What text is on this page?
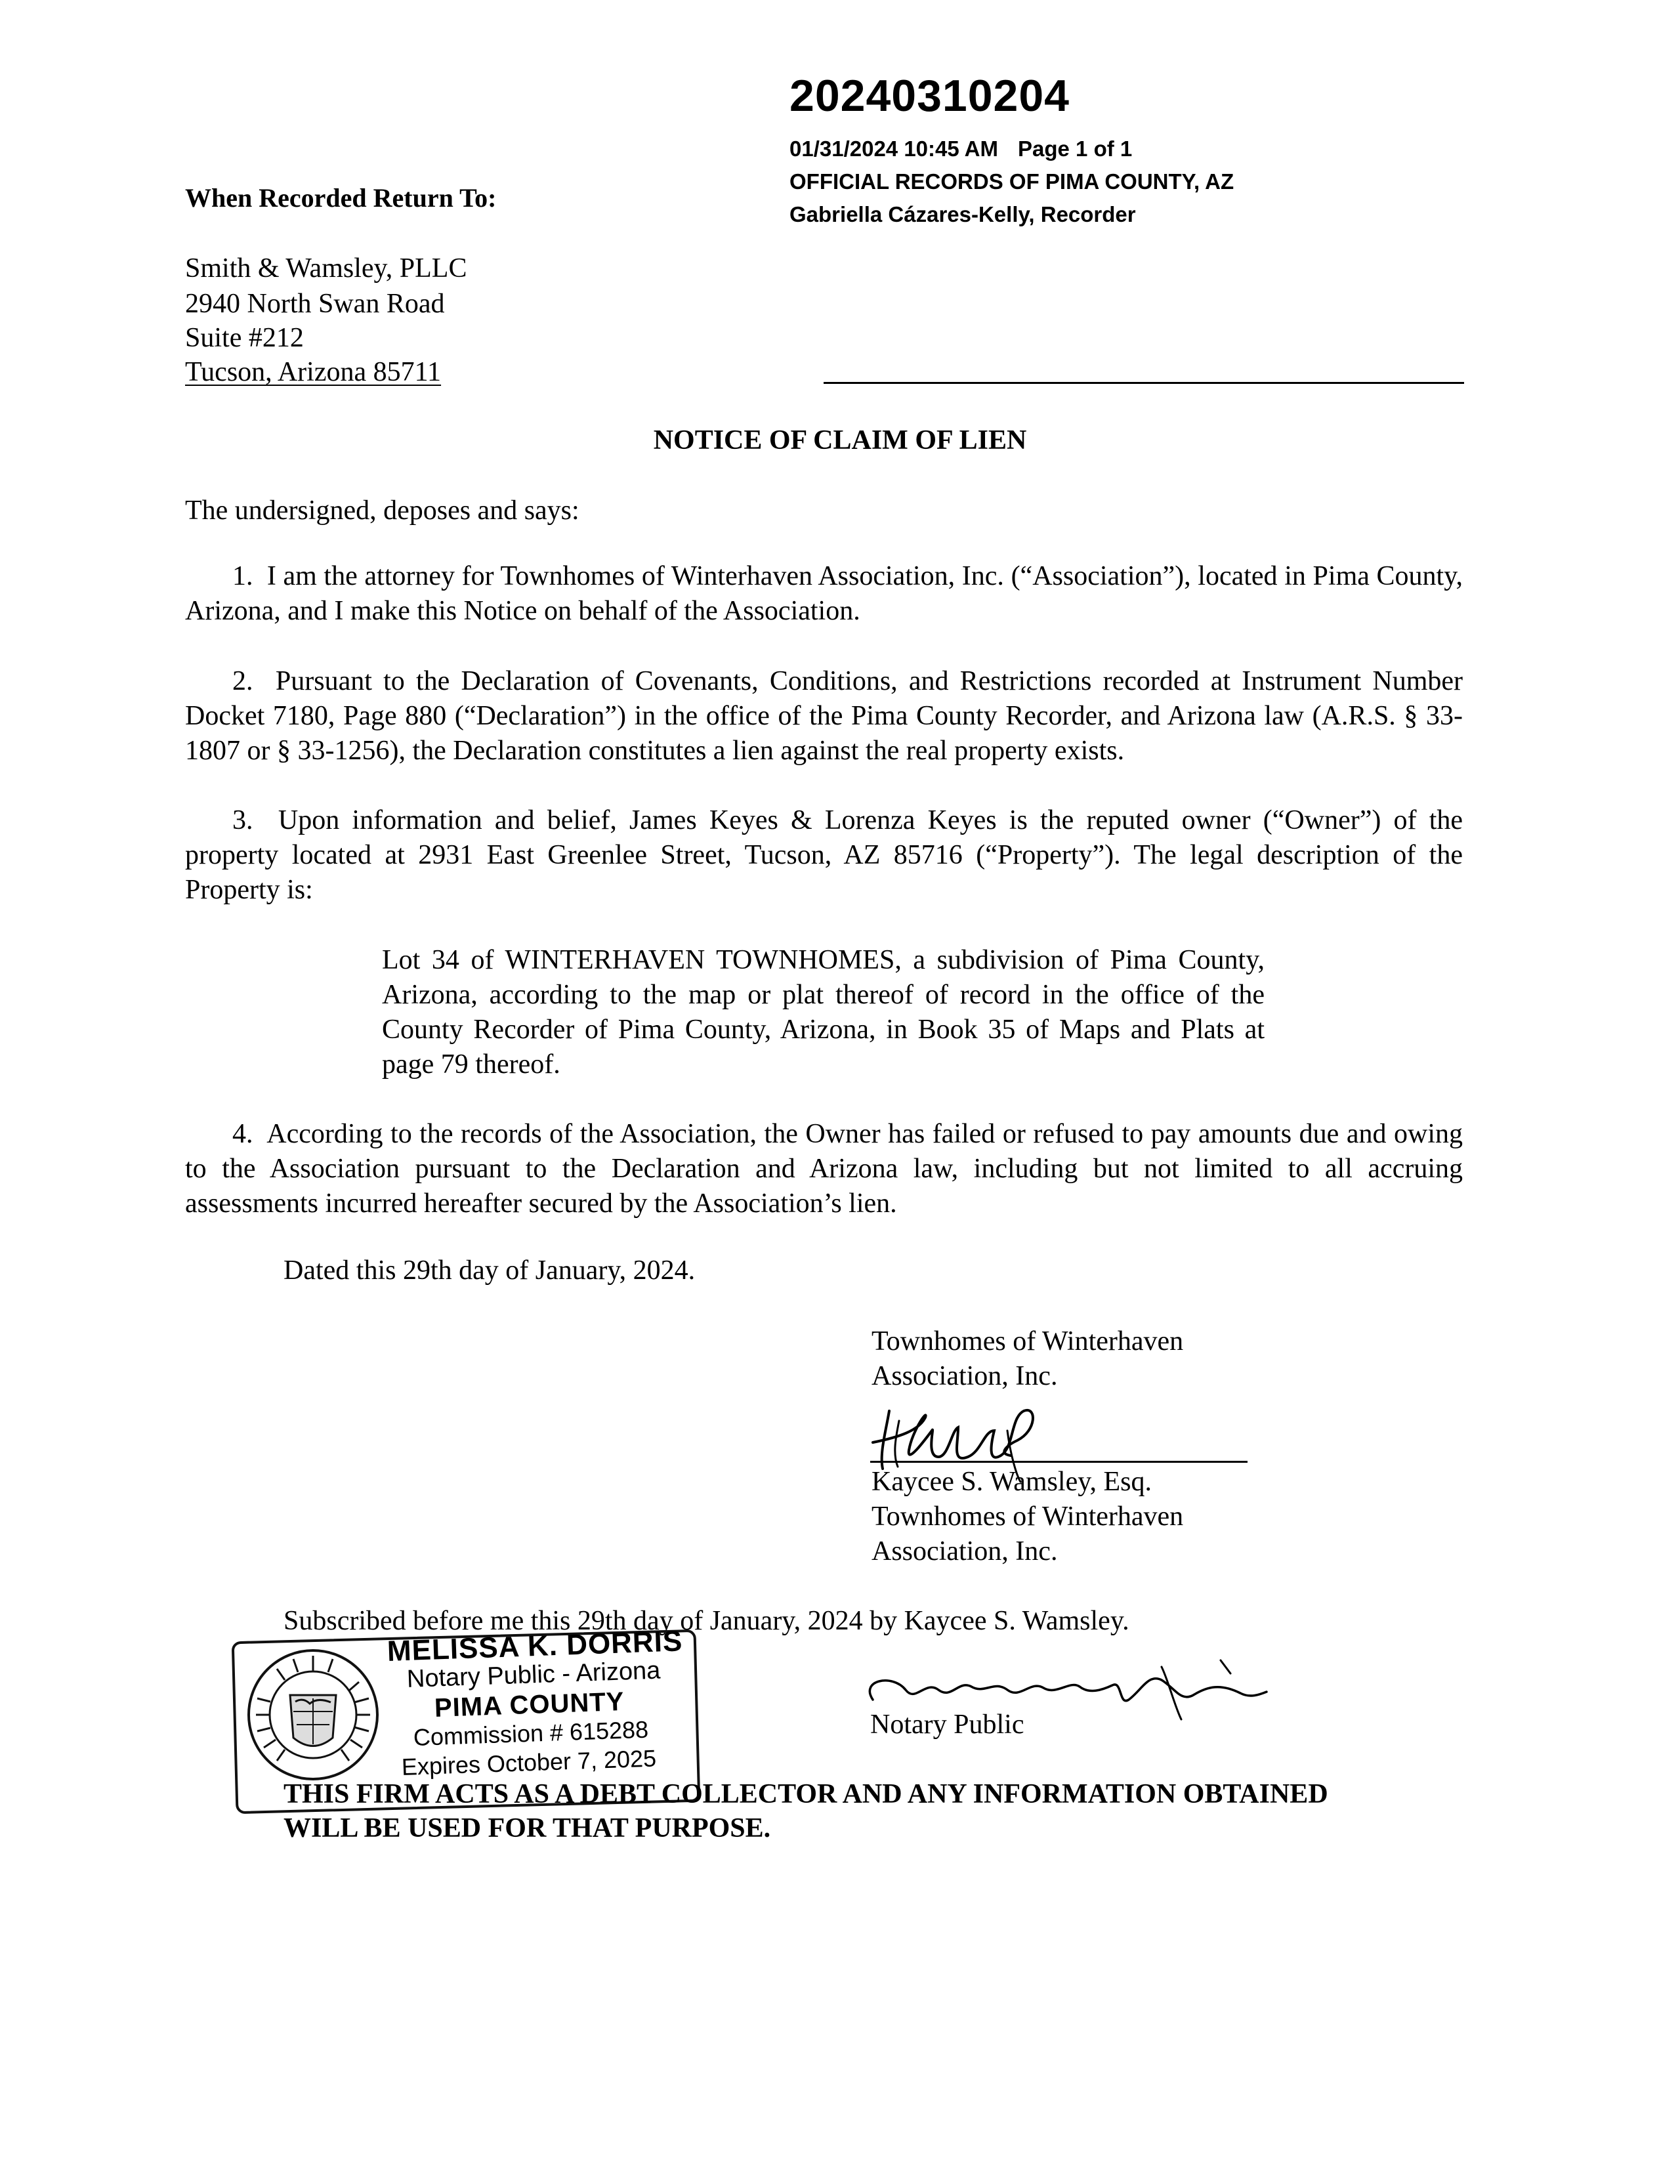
20240310204
01/31/2024 10:45 AM Page 1 of 1
OFFICIAL RECORDS OF PIMA COUNTY, AZ
Gabriella Cázares-Kelly, Recorder
When Recorded Return To:
Smith & Wamsley, PLLC
2940 North Swan Road
Suite #212
Tucson, Arizona 85711
NOTICE OF CLAIM OF LIEN
The undersigned, deposes and says:
1. I am the attorney for Townhomes of Winterhaven Association, Inc. (“Association”), located in Pima County, Arizona, and I make this Notice on behalf of the Association.
2. Pursuant to the Declaration of Covenants, Conditions, and Restrictions recorded at Instrument Number Docket 7180, Page 880 (“Declaration”) in the office of the Pima County Recorder, and Arizona law (A.R.S. § 33-1807 or § 33-1256), the Declaration constitutes a lien against the real property exists.
3. Upon information and belief, James Keyes & Lorenza Keyes is the reputed owner (“Owner”) of the property located at 2931 East Greenlee Street, Tucson, AZ 85716 (“Property”). The legal description of the Property is:
Lot 34 of WINTERHAVEN TOWNHOMES, a subdivision of Pima County, Arizona, according to the map or plat thereof of record in the office of the County Recorder of Pima County, Arizona, in Book 35 of Maps and Plats at page 79 thereof.
4. According to the records of the Association, the Owner has failed or refused to pay amounts due and owing to the Association pursuant to the Declaration and Arizona law, including but not limited to all accruing assessments incurred hereafter secured by the Association’s lien.
Dated this 29th day of January, 2024.
Townhomes of Winterhaven
Association, Inc.
Kaycee S. Wamsley, Esq.
Townhomes of Winterhaven
Association, Inc.
Subscribed before me this 29th day of January, 2024 by Kaycee S. Wamsley.
Notary Public
MELISSA K. DORRIS
Notary Public - Arizona
PIMA COUNTY
Commission # 615288
Expires October 7, 2025
THIS FIRM ACTS AS A DEBT COLLECTOR AND ANY INFORMATION OBTAINED
WILL BE USED FOR THAT PURPOSE.
